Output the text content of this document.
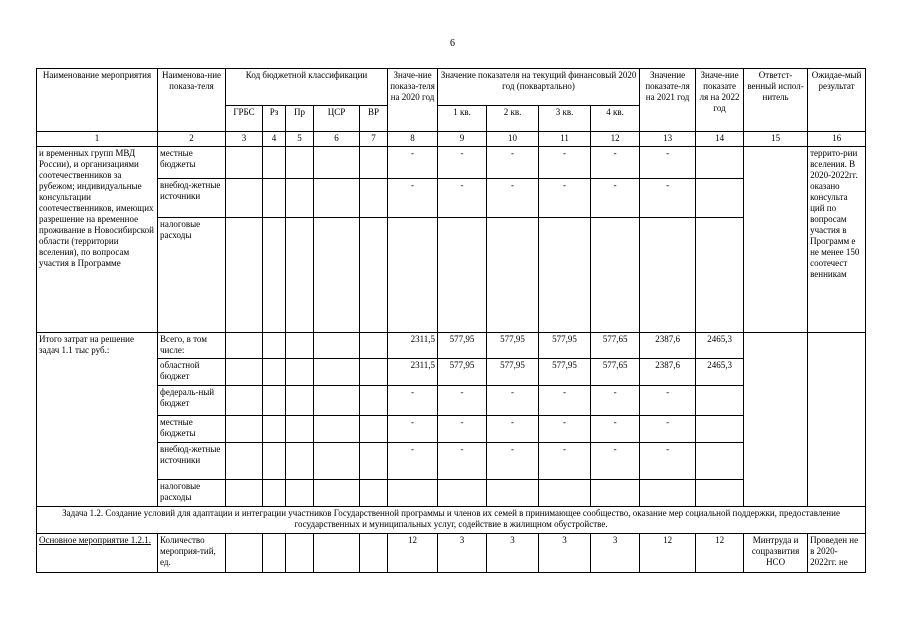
6
Наименование мероприятия	Наименова-ние показа-теля	Код бюджетной классификации					Значе-ние показа-теля на 2020 год	Значение показателя на текущий финансовый 2020 год (поквартально)				Значение показате-ля на 2021 год	Значе-ние показате ля на 2022 год	Ответст-венный испол-нитель	Ожидае-мый результат
		ГРБС	Рз	Пр	ЦСР	ВР		1 кв.	2 кв.	3 кв.	4 кв.				
1	2	3	4	5	6	7	8	9	10	11	12	13	14	15	16
и временных групп МВД России), и организациями соотечественников за рубежом; индивидуальные консультации соотечественников, имеющих разрешение на временное проживание в Новосибирской области (территории вселения), по вопросам участия в Программе	местные бюджеты						-	-	-	-	-	-			террито-рии вселения. В 2020-2022гг. оказано консульта ций по вопросам участия в Программ е не менее 150 соотечест венникам
	внебюд-жетные источники						-	-	-	-	-	-			
	налоговые расходы														
Итого затрат на решение задач 1.1 тыс руб.:	Всего, в том числе:						2311,5	577,95	577,95	577,95	577,65	2387,6	2465,3		
	областной бюджет						2311,5	577,95	577,95	577,95	577,65	2387,6	2465,3		
	федераль-ный бюджет						-	-	-	-	-	-			
	местные бюджеты						-	-	-	-	-	-			
	внебюд-жетные источники						-	-	-	-	-	-			
	налоговые расходы														
Задача 1.2. Создание условий для адаптации и интеграции участников Государственной программы и членов их семей в принимающее сообщество, оказание мер социальной поддержки, предоставление государственных и муниципальных услуг, содействие в жилищном обустройстве.															
Основное мероприятие 1.2.1.	Количество мероприя-тий, ед.						12	3	3	3	3	12	12	Минтруда и соцразвития НСО	Проведен не в 2020-2022гг. не
